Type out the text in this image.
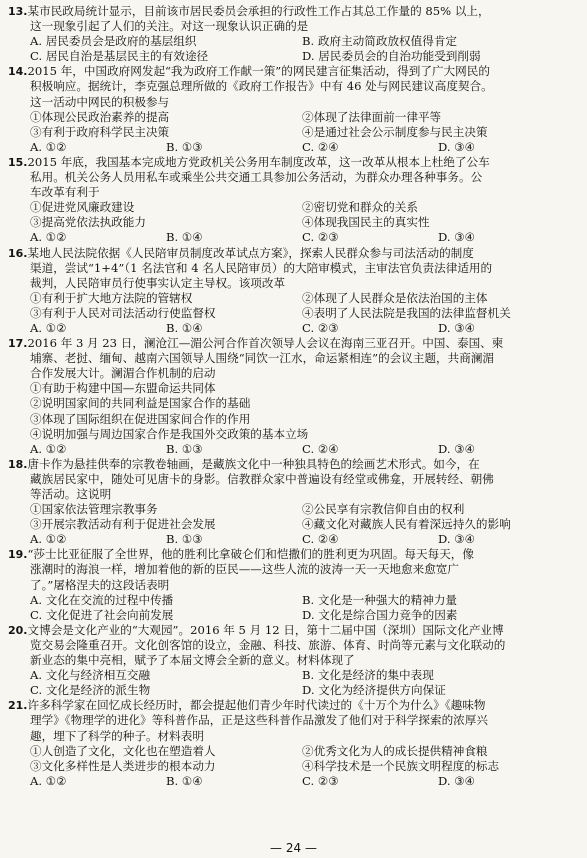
13.某市民政局统计显示，目前该市居民委员会承担的行政性工作占其总工作量的 85% 以上，
这一现象引起了人们的关注。对这一现象认识正确的是
A. 居民委员会是政府的基层组织	B. 政府主动简政放权值得肯定
C. 居民自治是基层民主的有效途径	D. 居民委员会的自治功能受到削弱
14.2015 年，中国政府网发起“我为政府工作献一策”的网民建言征集活动，得到了广大网民的
积极响应。据统计，李克强总理所做的《政府工作报告》中有 46 处与网民建议高度契合。
这一活动中网民的积极参与
①体现公民政治素养的提高	②体现了法律面前一律平等
③有利于政府科学民主决策	④是通过社会公示制度参与民主决策
A. ①②	B. ①③	C. ②④	D. ③④
15.2015 年底，我国基本完成地方党政机关公务用车制度改革，这一改革从根本上杜绝了公车
私用。机关公务人员用私车或乘坐公共交通工具参加公务活动，为群众办理各种事务。公
车改革有利于
①促进党风廉政建设	②密切党和群众的关系
③提高党依法执政能力	④体现我国民主的真实性
A. ①②	B. ①④	C. ②③	D. ③④
16.某地人民法院依据《人民陪审员制度改革试点方案》，探索人民群众参与司法活动的制度
渠道，尝试“1+4”（1 名法官和 4 名人民陪审员）的大陪审模式，主审法官负责法律适用的
裁判，人民陪审员行使事实认定主导权。该项改革
①有利于扩大地方法院的管辖权	②体现了人民群众是依法治国的主体
③有利于人民对司法活动行使监督权	④表明了人民法院是我国的法律监督机关
A. ①②	B. ①④	C. ②③	D. ③④
17.2016 年 3 月 23 日，澜沧江—湄公河合作首次领导人会议在海南三亚召开。中国、泰国、柬
埔寨、老挝、缅甸、越南六国领导人围绕“同饮一江水，命运紧相连”的会议主题，共商澜湄
合作发展大计。澜湄合作机制的启动
①有助于构建中国—东盟命运共同体
②说明国家间的共同利益是国家合作的基础
③体现了国际组织在促进国家间合作的作用
④说明加强与周边国家合作是我国外交政策的基本立场
A. ①②	B. ①③	C. ②④	D. ③④
18.唐卡作为悬挂供奉的宗教卷轴画，是藏族文化中一种独具特色的绘画艺术形式。如今，在
藏族居民家中，随处可见唐卡的身影。信教群众家中普遍设有经堂或佛龛，开展转经、朝佛
等活动。这说明
①国家依法管理宗教事务	②公民享有宗教信仰自由的权利
③开展宗教活动有利于促进社会发展	④藏文化对藏族人民有着深远持久的影响
A. ①②	B. ①③	C. ②④	D. ③④
19.“莎士比亚征服了全世界，他的胜利比拿破仑们和恺撒们的胜利更为巩固。每天每天，像
涨潮时的海浪一样，增加着他的新的臣民——这些人流的波涛一天一天地愈来愈宽广
了。”屠格涅夫的这段话表明
A. 文化在交流的过程中传播	B. 文化是一种强大的精神力量
C. 文化促进了社会向前发展	D. 文化是综合国力竞争的因素
20.文博会是文化产业的“大观园”。2016 年 5 月 12 日，第十二届中国（深圳）国际文化产业博
览交易会隆重召开。文化创客馆的设立，金融、科技、旅游、体育、时尚等元素与文化联动的
新业态的集中亮相，赋予了本届文博会全新的意义。材料体现了
A. 文化与经济相互交融	B. 文化是经济的集中表现
C. 文化是经济的派生物	D. 文化为经济提供方向保证
21.许多科学家在回忆成长经历时，都会提起他们青少年时代读过的《十万个为什么》《趣味物
理学》《物理学的进化》等科普作品，正是这些科普作品激发了他们对于科学探索的浓厚兴
趣，埋下了科学的种子。材料表明
①人创造了文化，文化也在塑造着人	②优秀文化为人的成长提供精神食粮
③文化多样性是人类进步的根本动力	④科学技术是一个民族文明程度的标志
A. ①②	B. ①④	C. ②③	D. ③④
— 24 —
